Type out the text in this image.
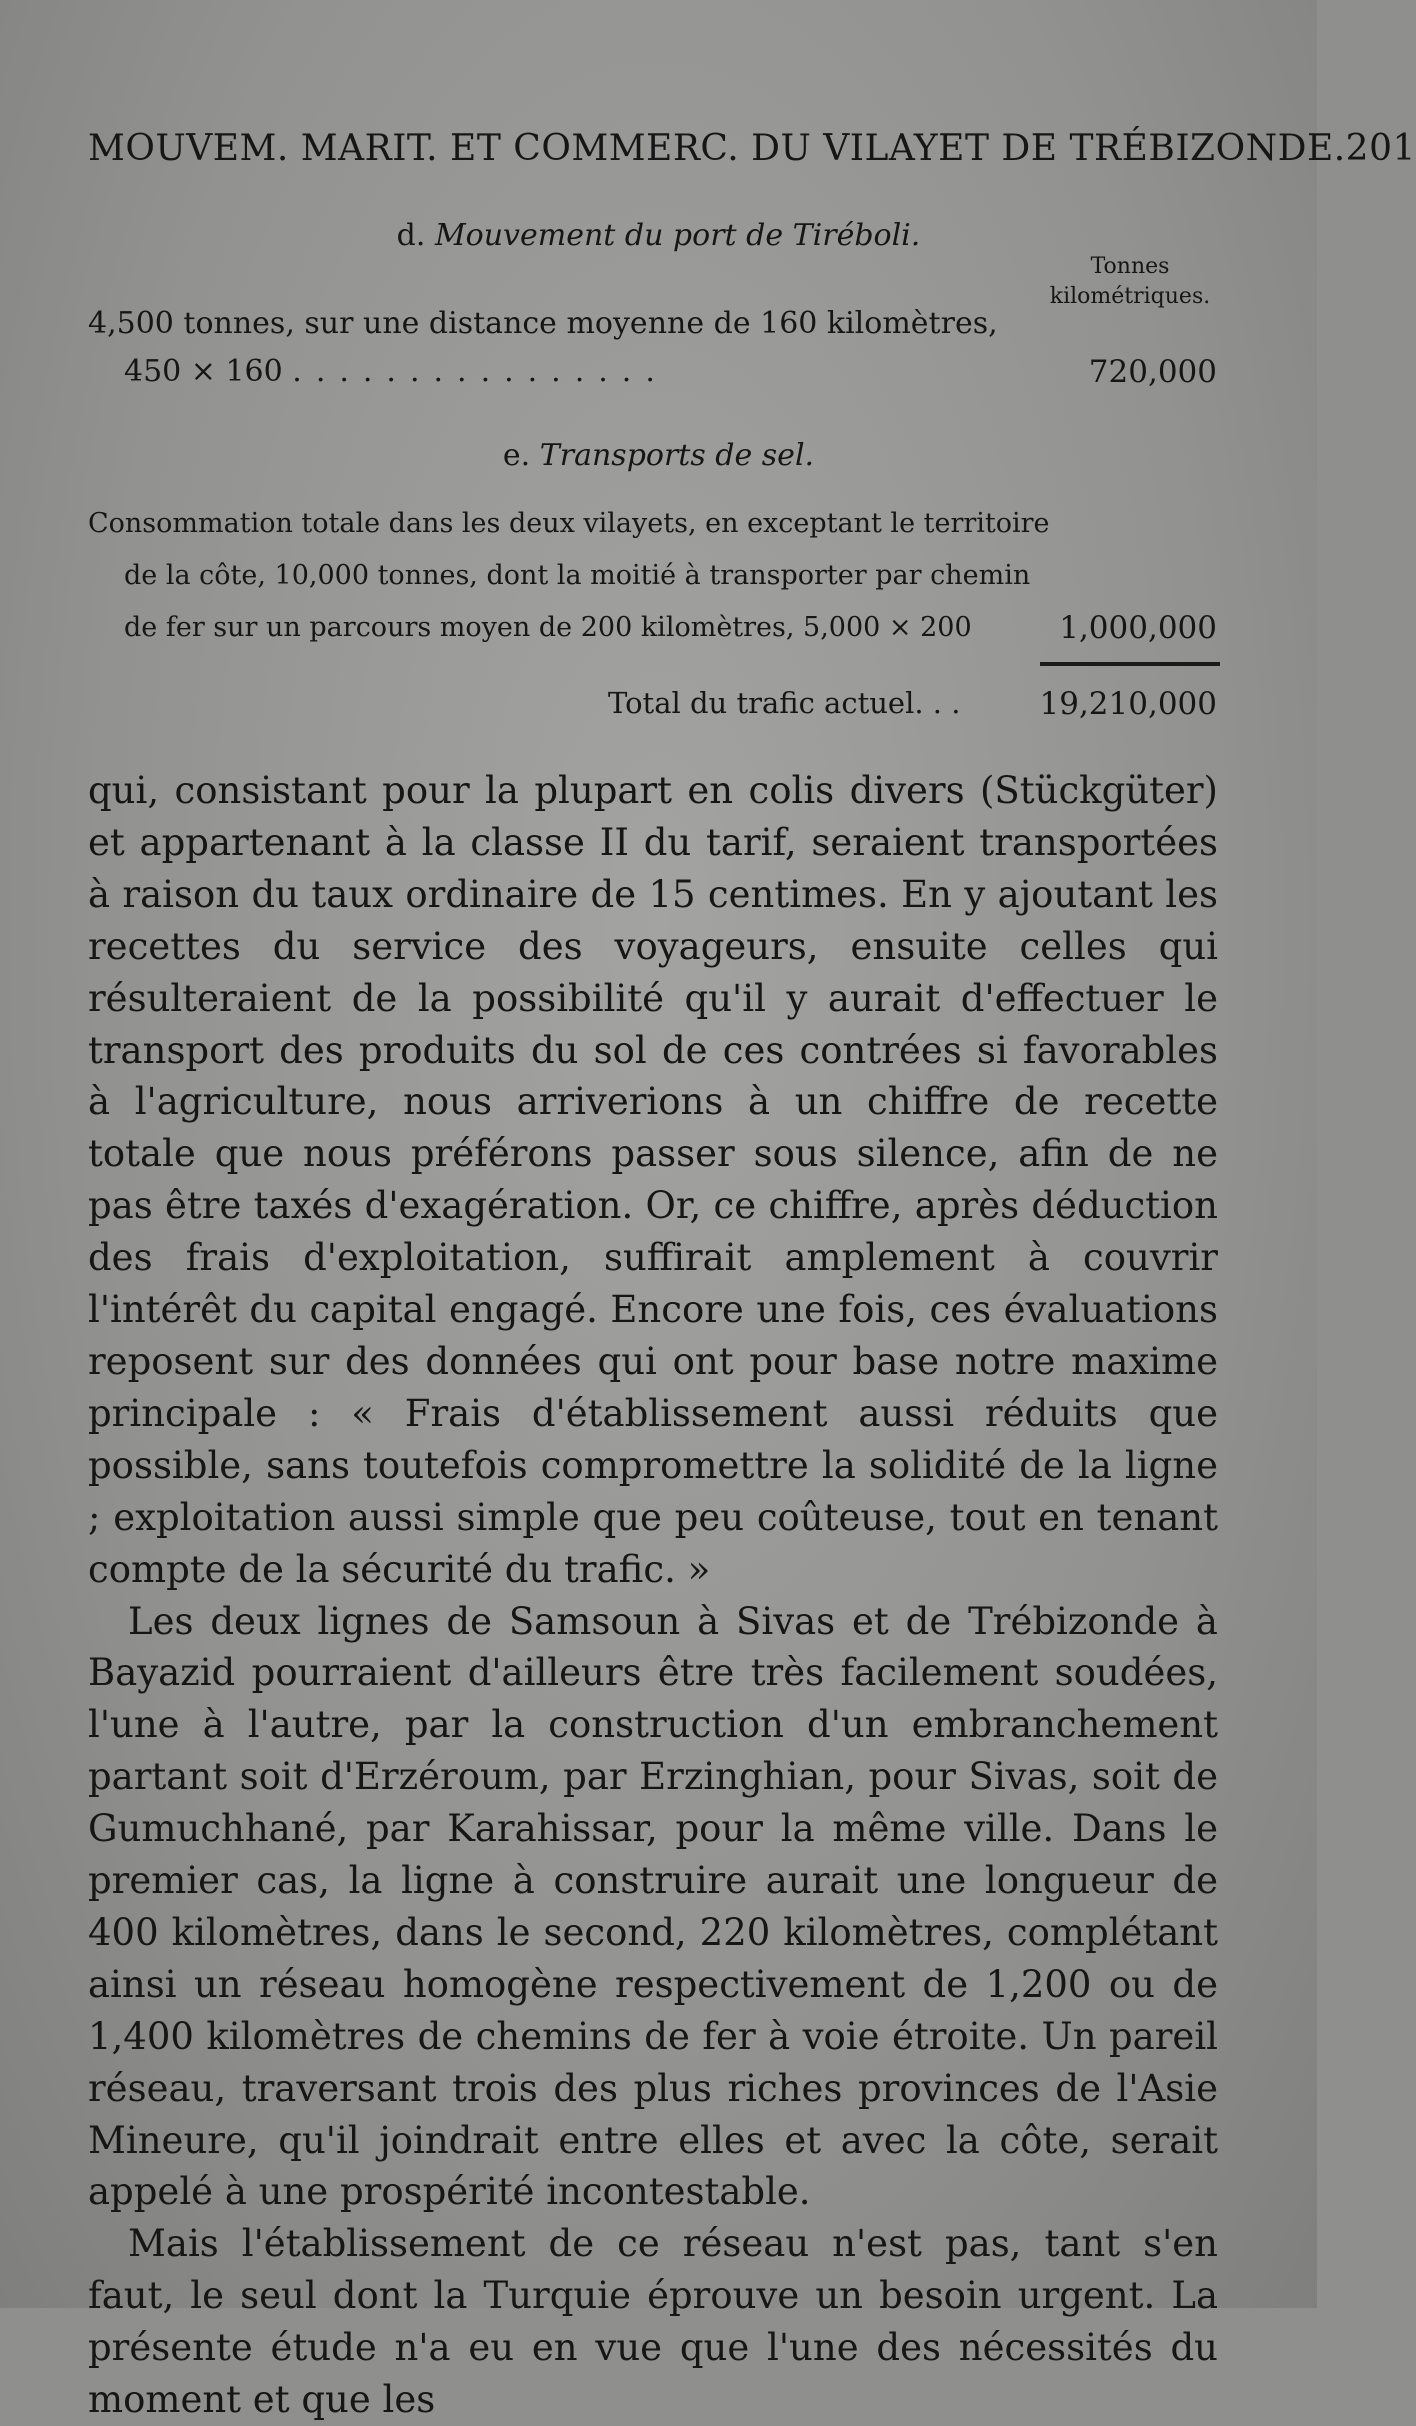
MOUVEM. MARIT. ET COMMERC. DU VILAYET DE TRÉBIZONDE. 201
d. Mouvement du port de Tiréboli.
Tonnes kilométriques.
4,500 tonnes, sur une distance moyenne de 160 kilomètres,
450 × 160 ................	720,000
e. Transports de sel.
Consommation totale dans les deux vilayets, en exceptant le territoire
de la côte, 10,000 tonnes, dont la moitié à transporter par chemin
de fer sur un parcours moyen de 200 kilomètres, 5,000 × 200	1,000,000
Total du trafic actuel. . .	19,210,000

qui, consistant pour la plupart en colis divers (Stückgüter) et appartenant à la classe II du tarif, seraient transportées à raison du taux ordinaire de 15 centimes. En y ajoutant les recettes du service des voyageurs, ensuite celles qui résulteraient de la possibilité qu'il y aurait d'effectuer le transport des produits du sol de ces contrées si favorables à l'agriculture, nous arriverions à un chiffre de recette totale que nous préférons passer sous silence, afin de ne pas être taxés d'exagération. Or, ce chiffre, après déduction des frais d'exploitation, suffirait amplement à couvrir l'intérêt du capital engagé. Encore une fois, ces évaluations reposent sur des données qui ont pour base notre maxime principale : « Frais d'établissement aussi réduits que possible, sans toutefois compromettre la solidité de la ligne ; exploitation aussi simple que peu coûteuse, tout en tenant compte de la sécurité du trafic. »

Les deux lignes de Samsoun à Sivas et de Trébizonde à Bayazid pourraient d'ailleurs être très facilement soudées, l'une à l'autre, par la construction d'un embranchement partant soit d'Erzéroum, par Erzinghian, pour Sivas, soit de Gumuchhané, par Karahissar, pour la même ville. Dans le premier cas, la ligne à construire aurait une longueur de 400 kilomètres, dans le second, 220 kilomètres, complétant ainsi un réseau homogène respectivement de 1,200 ou de 1,400 kilomètres de chemins de fer à voie étroite. Un pareil réseau, traversant trois des plus riches provinces de l'Asie Mineure, qu'il joindrait entre elles et avec la côte, serait appelé à une prospérité incontestable.

Mais l'établissement de ce réseau n'est pas, tant s'en faut, le seul dont la Turquie éprouve un besoin urgent. La présente étude n'a eu en vue que l'une des nécessités du moment et que les
